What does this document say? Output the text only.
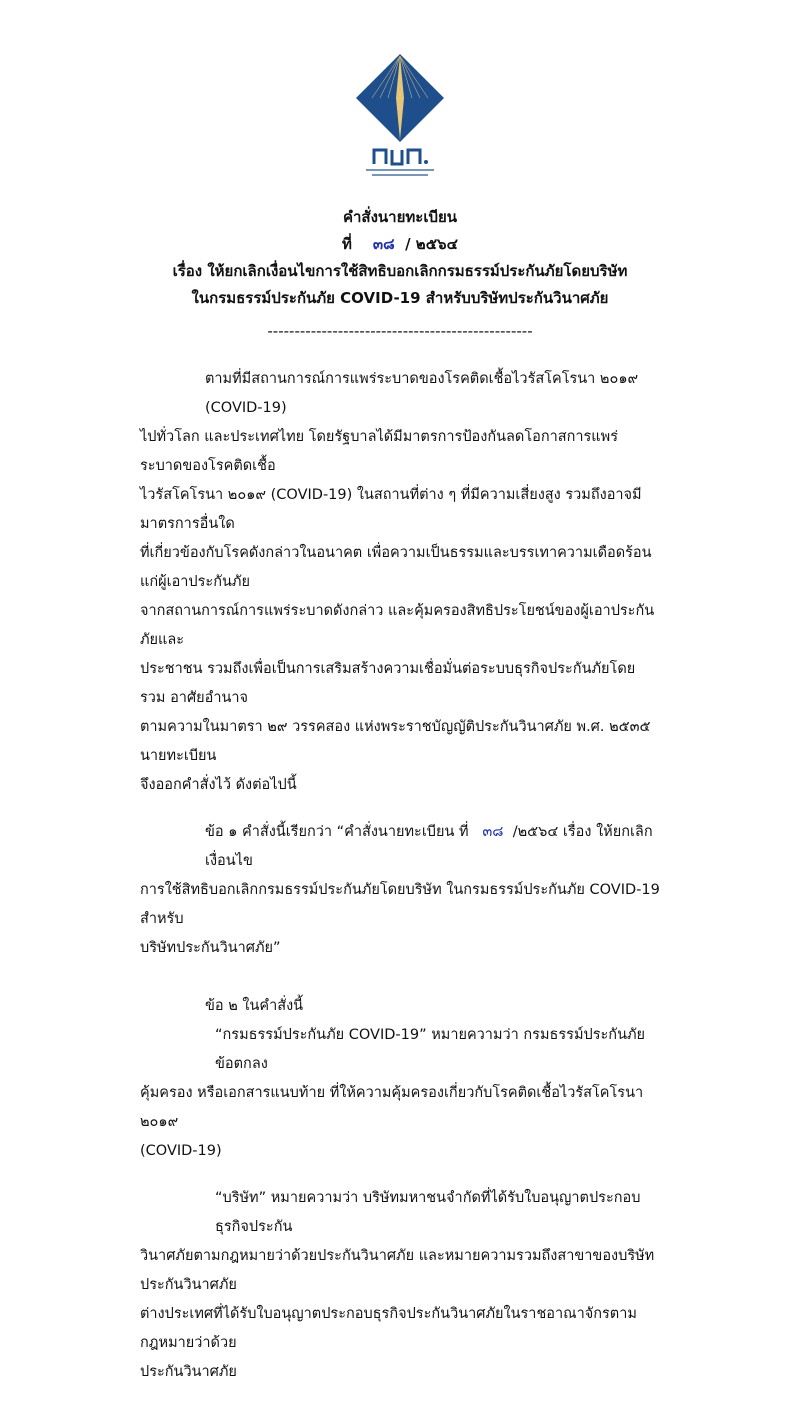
คำสั่งนายทะเบียน
ที่ ๓๘ / ๒๕๖๔
เรื่อง ให้ยกเลิกเงื่อนไขการใช้สิทธิบอกเลิกกรมธรรม์ประกันภัยโดยบริษัท
ในกรมธรรม์ประกันภัย COVID-19 สำหรับบริษัทประกันวินาศภัย
-------------------------------------------------
ตามที่มีสถานการณ์การแพร่ระบาดของโรคติดเชื้อไวรัสโคโรนา ๒๐๑๙ (COVID-19)
ไปทั่วโลก และประเทศไทย โดยรัฐบาลได้มีมาตรการป้องกันลดโอกาสการแพร่ระบาดของโรคติดเชื้อ
ไวรัสโคโรนา ๒๐๑๙ (COVID-19) ในสถานที่ต่าง ๆ ที่มีความเสี่ยงสูง รวมถึงอาจมีมาตรการอื่นใด
ที่เกี่ยวข้องกับโรคดังกล่าวในอนาคต เพื่อความเป็นธรรมและบรรเทาความเดือดร้อนแก่ผู้เอาประกันภัย
จากสถานการณ์การแพร่ระบาดดังกล่าว และคุ้มครองสิทธิประโยชน์ของผู้เอาประกันภัยและ
ประชาชน รวมถึงเพื่อเป็นการเสริมสร้างความเชื่อมั่นต่อระบบธุรกิจประกันภัยโดยรวม อาศัยอำนาจ
ตามความในมาตรา ๒๙ วรรคสอง แห่งพระราชบัญญัติประกันวินาศภัย พ.ศ. ๒๕๓๕ นายทะเบียน
จึงออกคำสั่งไว้ ดังต่อไปนี้
ข้อ ๑ คำสั่งนี้เรียกว่า “คำสั่งนายทะเบียน ที่ ๓๘ /๒๕๖๔ เรื่อง ให้ยกเลิกเงื่อนไข
การใช้สิทธิบอกเลิกกรมธรรม์ประกันภัยโดยบริษัท ในกรมธรรม์ประกันภัย COVID-19 สำหรับ
บริษัทประกันวินาศภัย”
ข้อ ๒ ในคำสั่งนี้
“กรมธรรม์ประกันภัย COVID-19” หมายความว่า กรมธรรม์ประกันภัย ข้อตกลง
คุ้มครอง หรือเอกสารแนบท้าย ที่ให้ความคุ้มครองเกี่ยวกับโรคติดเชื้อไวรัสโคโรนา ๒๐๑๙
(COVID-19)
“บริษัท” หมายความว่า บริษัทมหาชนจำกัดที่ได้รับใบอนุญาตประกอบธุรกิจประกัน
วินาศภัยตามกฎหมายว่าด้วยประกันวินาศภัย และหมายความรวมถึงสาขาของบริษัทประกันวินาศภัย
ต่างประเทศที่ได้รับใบอนุญาตประกอบธุรกิจประกันวินาศภัยในราชอาณาจักรตามกฎหมายว่าด้วย
ประกันวินาศภัย
